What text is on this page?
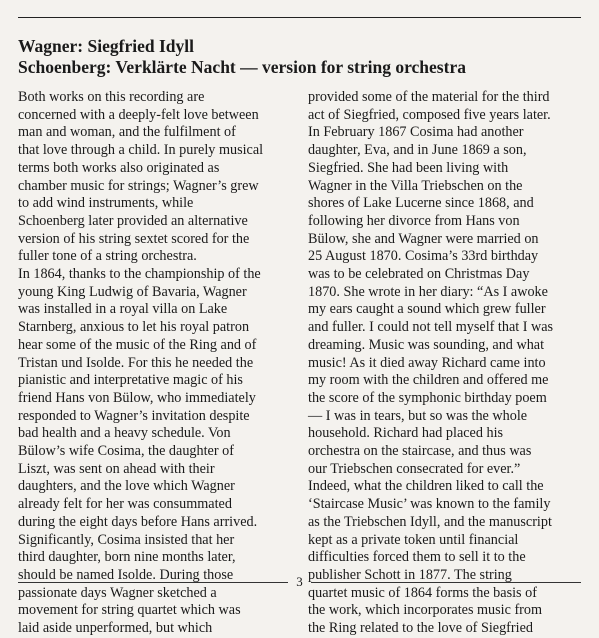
Wagner: Siegfried Idyll
Schoenberg: Verklärte Nacht — version for string orchestra
Both works on this recording are
concerned with a deeply-felt love between
man and woman, and the fulfilment of
that love through a child. In purely musical
terms both works also originated as
chamber music for strings; Wagner’s grew
to add wind instruments, while
Schoenberg later provided an alternative
version of his string sextet scored for the
fuller tone of a string orchestra.
In 1864, thanks to the championship of the
young King Ludwig of Bavaria, Wagner
was installed in a royal villa on Lake
Starnberg, anxious to let his royal patron
hear some of the music of the Ring and of
Tristan und Isolde. For this he needed the
pianistic and interpretative magic of his
friend Hans von Bülow, who immediately
responded to Wagner’s invitation despite
bad health and a heavy schedule. Von
Bülow’s wife Cosima, the daughter of
Liszt, was sent on ahead with their
daughters, and the love which Wagner
already felt for her was consummated
during the eight days before Hans arrived.
Significantly, Cosima insisted that her
third daughter, born nine months later,
should be named Isolde. During those
passionate days Wagner sketched a
movement for string quartet which was
laid aside unperformed, but which
provided some of the material for the third
act of Siegfried, composed five years later.
In February 1867 Cosima had another
daughter, Eva, and in June 1869 a son,
Siegfried. She had been living with
Wagner in the Villa Triebschen on the
shores of Lake Lucerne since 1868, and
following her divorce from Hans von
Bülow, she and Wagner were married on
25 August 1870. Cosima’s 33rd birthday
was to be celebrated on Christmas Day
1870. She wrote in her diary: “As I awoke
my ears caught a sound which grew fuller
and fuller. I could not tell myself that I was
dreaming. Music was sounding, and what
music! As it died away Richard came into
my room with the children and offered me
the score of the symphonic birthday poem
— I was in tears, but so was the whole
household. Richard had placed his
orchestra on the staircase, and thus was
our Triebschen consecrated for ever.”
Indeed, what the children liked to call the
‘Staircase Music’ was known to the family
as the Triebschen Idyll, and the manuscript
kept as a private token until financial
difficulties forced them to sell it to the
publisher Schott in 1877. The string
quartet music of 1864 forms the basis of
the work, which incorporates music from
the Ring related to the love of Siegfried
3
